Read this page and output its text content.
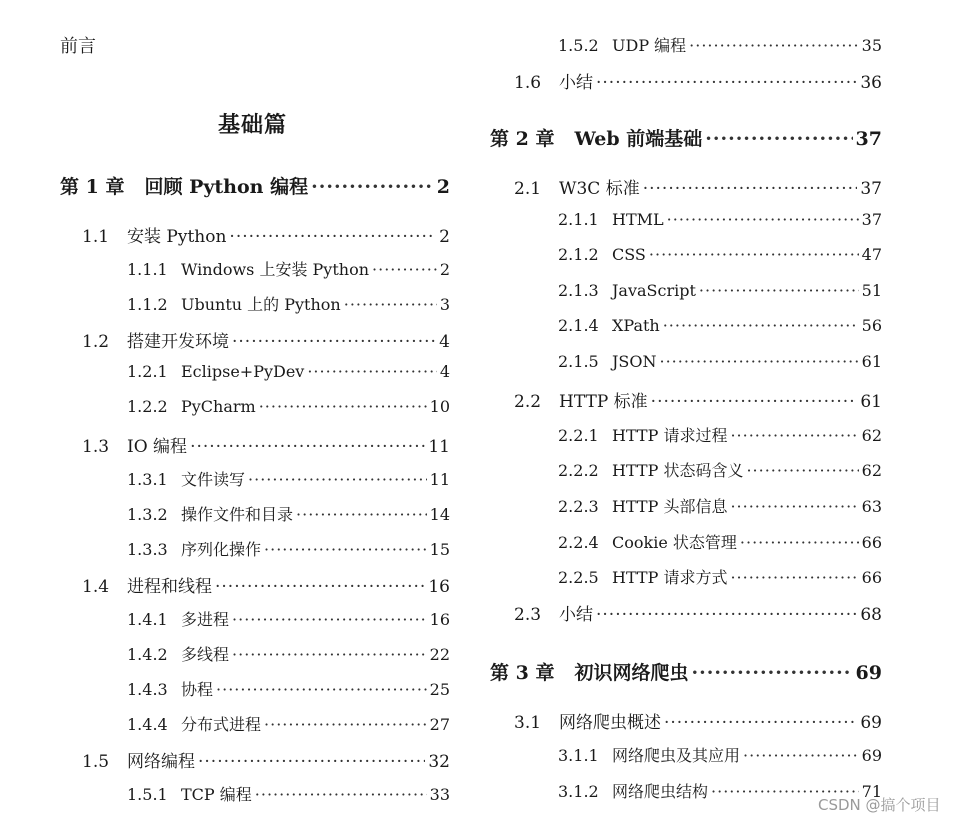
前言
基础篇
第 1 章 回顾 Python 编程 ·····	2
1.1	安装 Python ·····	2
1.1.1 Windows 上安装 Python ·····	2
1.1.2 Ubuntu 上的 Python ·····	3
1.2	搭建开发环境 ·····	4
1.2.1 Eclipse+PyDev ·····	4
1.2.2 PyCharm ·····	10
1.3	IO 编程 ·····	11
1.3.1 文件读写 ·····	11
1.3.2 操作文件和目录 ·····	14
1.3.3 序列化操作 ·····	15
1.4	进程和线程 ·····	16
1.4.1 多进程 ·····	16
1.4.2 多线程 ·····	22
1.4.3 协程 ·····	25
1.4.4 分布式进程 ·····	27
1.5	网络编程 ·····	32
1.5.1 TCP 编程 ·····	33
1.5.2 UDP 编程 ·····	35
1.6	小结 ·····	36
第 2 章 Web 前端基础 ·····	37
2.1	W3C 标准 ·····	37
2.1.1 HTML ·····	37
2.1.2 CSS ·····	47
2.1.3 JavaScript ·····	51
2.1.4 XPath ·····	56
2.1.5 JSON ·····	61
2.2	HTTP 标准 ·····	61
2.2.1 HTTP 请求过程 ·····	62
2.2.2 HTTP 状态码含义 ·····	62
2.2.3 HTTP 头部信息 ·····	63
2.2.4 Cookie 状态管理 ·····	66
2.2.5 HTTP 请求方式 ·····	66
2.3	小结 ·····	68
第 3 章 初识网络爬虫 ·····	69
3.1	网络爬虫概述 ·····	69
3.1.1 网络爬虫及其应用 ·····	69
3.1.2 网络爬虫结构 ·····	71
CSDN @搞个项目
